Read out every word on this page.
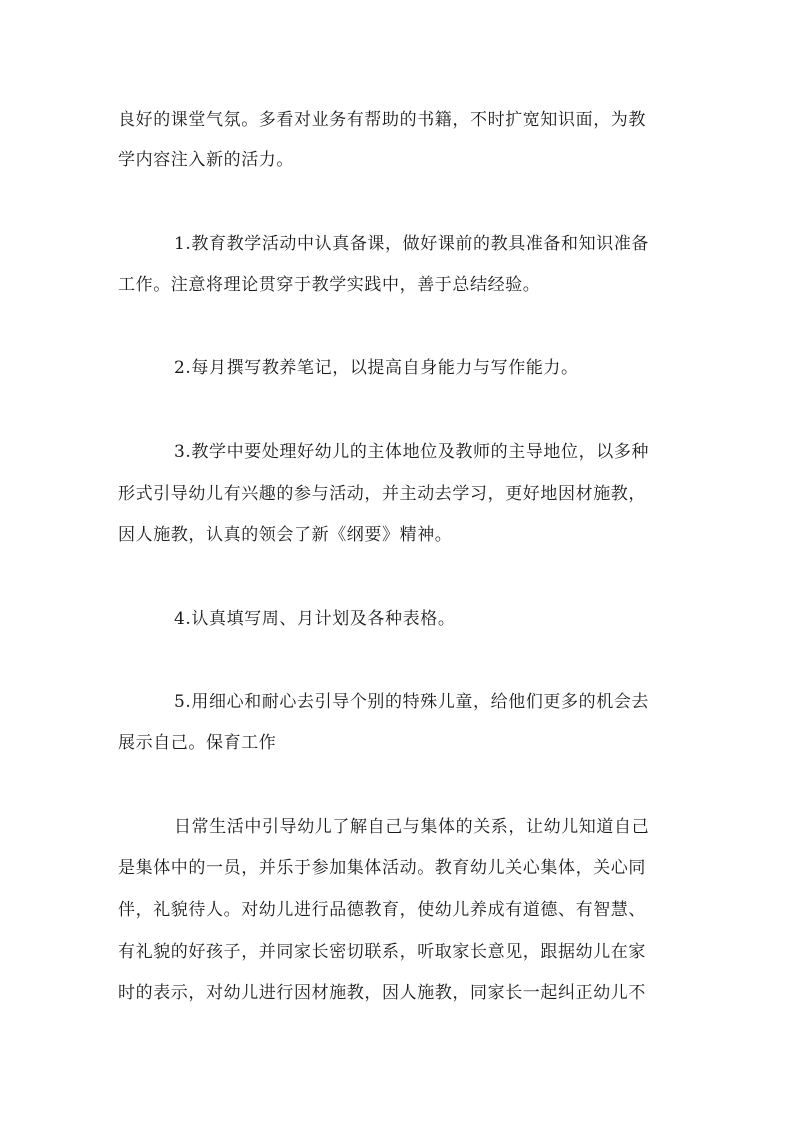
良好的课堂气氛。多看对业务有帮助的书籍，不时扩宽知识面，为教
学内容注入新的活力。
1.教育教学活动中认真备课，做好课前的教具准备和知识准备
工作。注意将理论贯穿于教学实践中，善于总结经验。
2.每月撰写教养笔记，以提高自身能力与写作能力。
3.教学中要处理好幼儿的主体地位及教师的主导地位，以多种
形式引导幼儿有兴趣的参与活动，并主动去学习，更好地因材施教，
因人施教，认真的领会了新《纲要》精神。
4.认真填写周、月计划及各种表格。
5.用细心和耐心去引导个别的特殊儿童，给他们更多的机会去
展示自己。保育工作
日常生活中引导幼儿了解自己与集体的关系，让幼儿知道自己
是集体中的一员，并乐于参加集体活动。教育幼儿关心集体，关心同
伴，礼貌待人。对幼儿进行品德教育，使幼儿养成有道德、有智慧、
有礼貌的好孩子，并同家长密切联系，听取家长意见，跟据幼儿在家
时的表示，对幼儿进行因材施教，因人施教，同家长一起纠正幼儿不
